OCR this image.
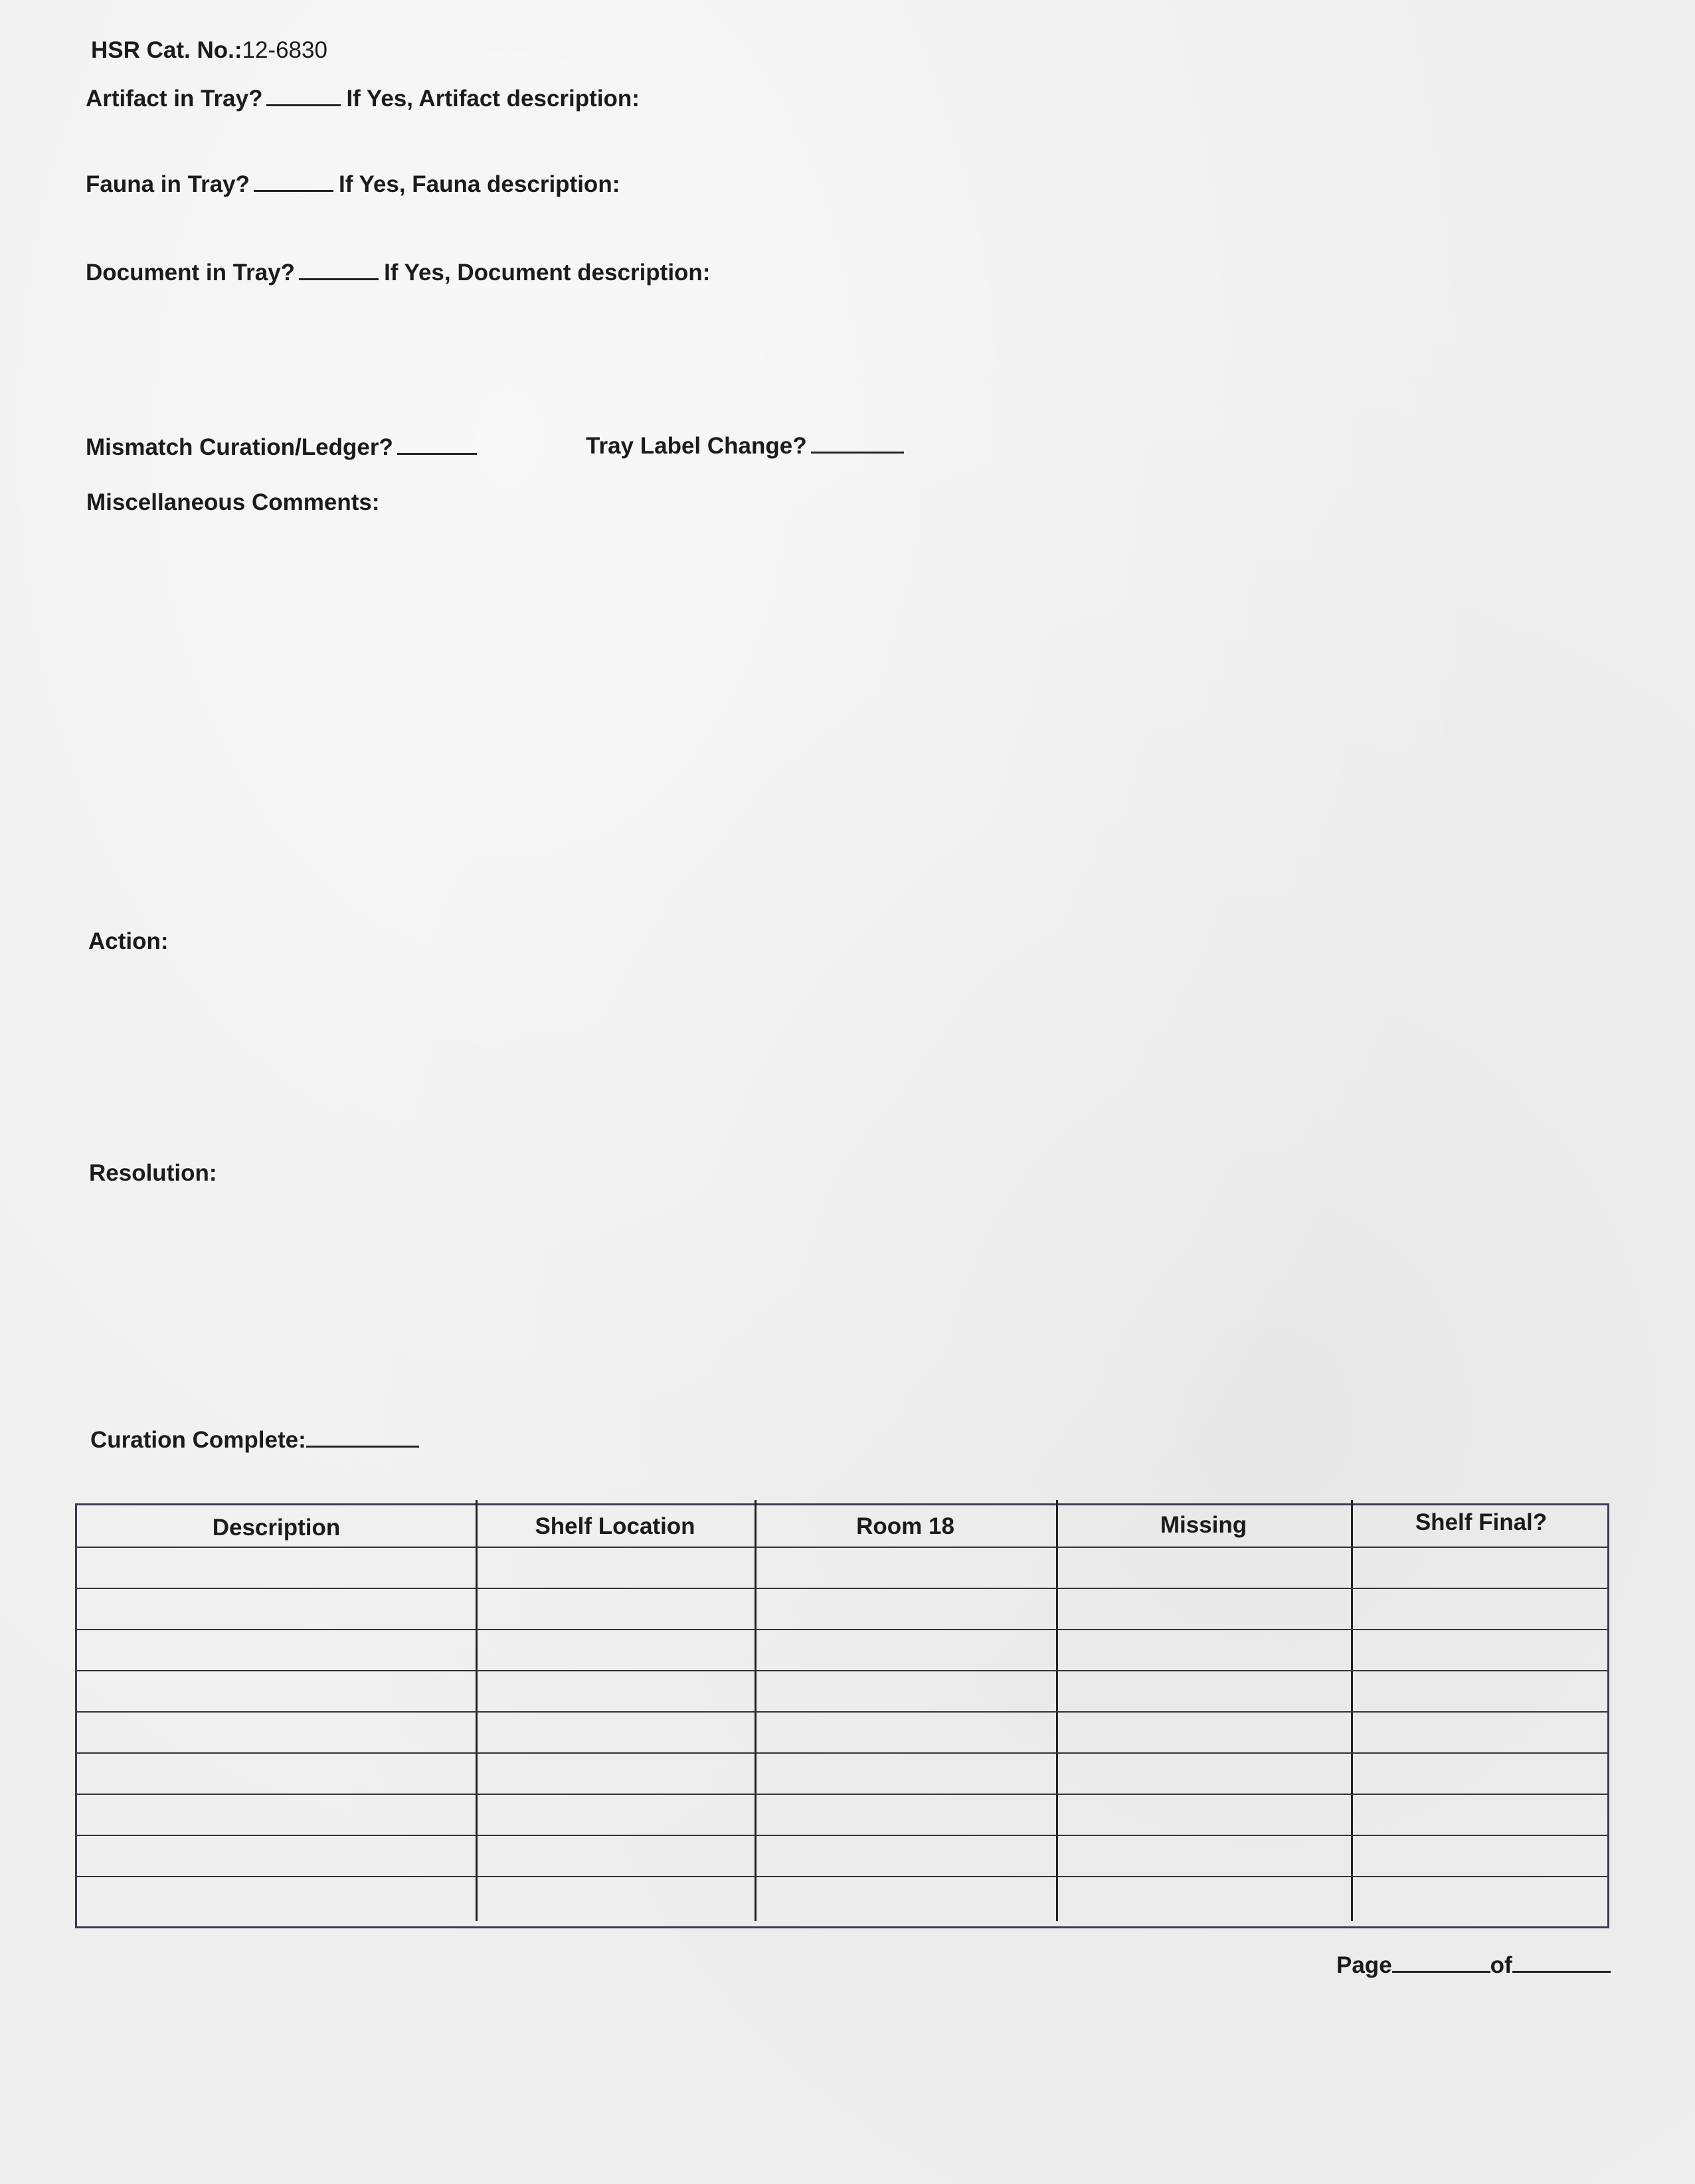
HSR Cat. No.:12-6830
Artifact in Tray?	If Yes, Artifact description:
Fauna in Tray?	If Yes, Fauna description:
Document in Tray?	If Yes, Document description:
Mismatch Curation/Ledger?	Tray Label Change?
Miscellaneous Comments:
Action:
Resolution:
Curation Complete:
Description	Shelf Location	Room 18	Missing	Shelf Final?
Page	of
